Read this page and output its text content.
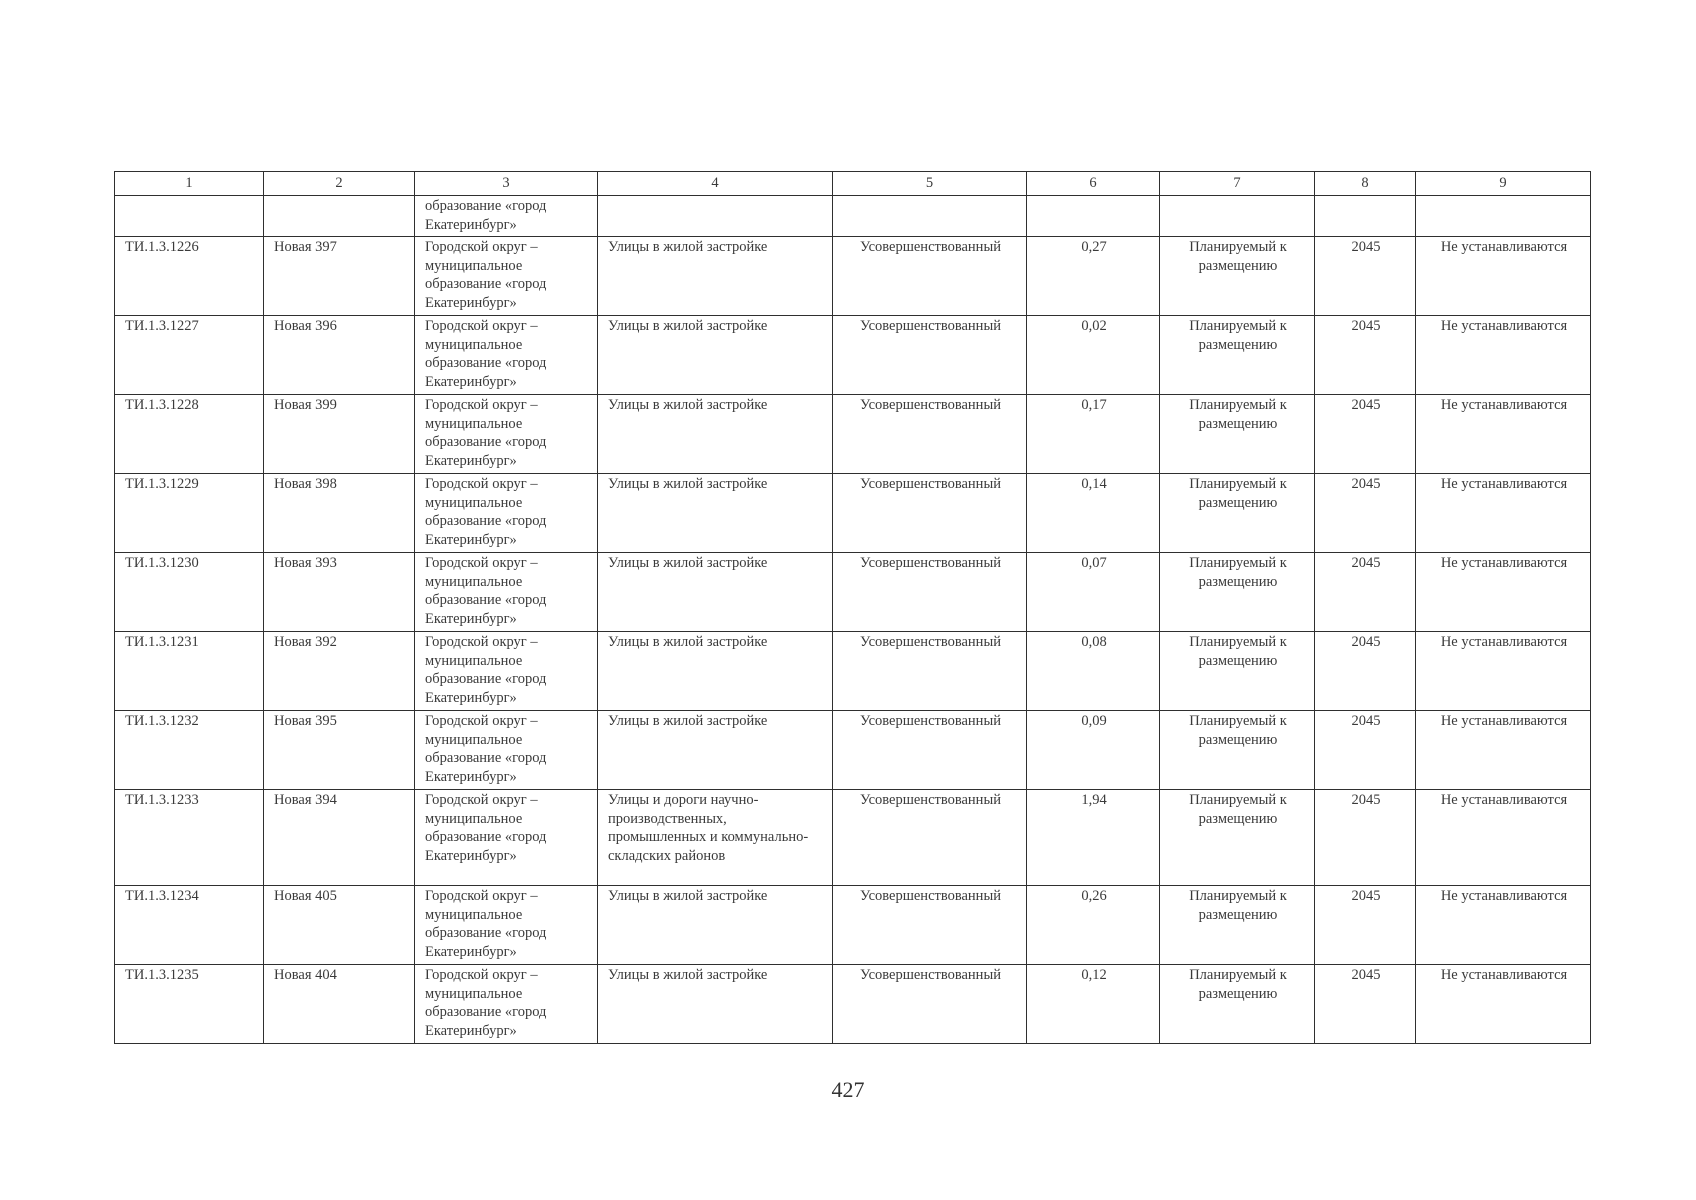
1	2	3	4	5	6	7	8	9
		образование «город Екатеринбург»						
ТИ.1.3.1226	Новая 397	Городской округ – муниципальное образование «город Екатеринбург»	Улицы в жилой застройке	Усовершенствованный	0,27	Планируемый к размещению	2045	Не устанавливаются
ТИ.1.3.1227	Новая 396	Городской округ – муниципальное образование «город Екатеринбург»	Улицы в жилой застройке	Усовершенствованный	0,02	Планируемый к размещению	2045	Не устанавливаются
ТИ.1.3.1228	Новая 399	Городской округ – муниципальное образование «город Екатеринбург»	Улицы в жилой застройке	Усовершенствованный	0,17	Планируемый к размещению	2045	Не устанавливаются
ТИ.1.3.1229	Новая 398	Городской округ – муниципальное образование «город Екатеринбург»	Улицы в жилой застройке	Усовершенствованный	0,14	Планируемый к размещению	2045	Не устанавливаются
ТИ.1.3.1230	Новая 393	Городской округ – муниципальное образование «город Екатеринбург»	Улицы в жилой застройке	Усовершенствованный	0,07	Планируемый к размещению	2045	Не устанавливаются
ТИ.1.3.1231	Новая 392	Городской округ – муниципальное образование «город Екатеринбург»	Улицы в жилой застройке	Усовершенствованный	0,08	Планируемый к размещению	2045	Не устанавливаются
ТИ.1.3.1232	Новая 395	Городской округ – муниципальное образование «город Екатеринбург»	Улицы в жилой застройке	Усовершенствованный	0,09	Планируемый к размещению	2045	Не устанавливаются
ТИ.1.3.1233	Новая 394	Городской округ – муниципальное образование «город Екатеринбург»	Улицы и дороги научно-производственных, промышленных и коммунально-складских районов	Усовершенствованный	1,94	Планируемый к размещению	2045	Не устанавливаются
ТИ.1.3.1234	Новая 405	Городской округ – муниципальное образование «город Екатеринбург»	Улицы в жилой застройке	Усовершенствованный	0,26	Планируемый к размещению	2045	Не устанавливаются
ТИ.1.3.1235	Новая 404	Городской округ – муниципальное образование «город Екатеринбург»	Улицы в жилой застройке	Усовершенствованный	0,12	Планируемый к размещению	2045	Не устанавливаются
427
